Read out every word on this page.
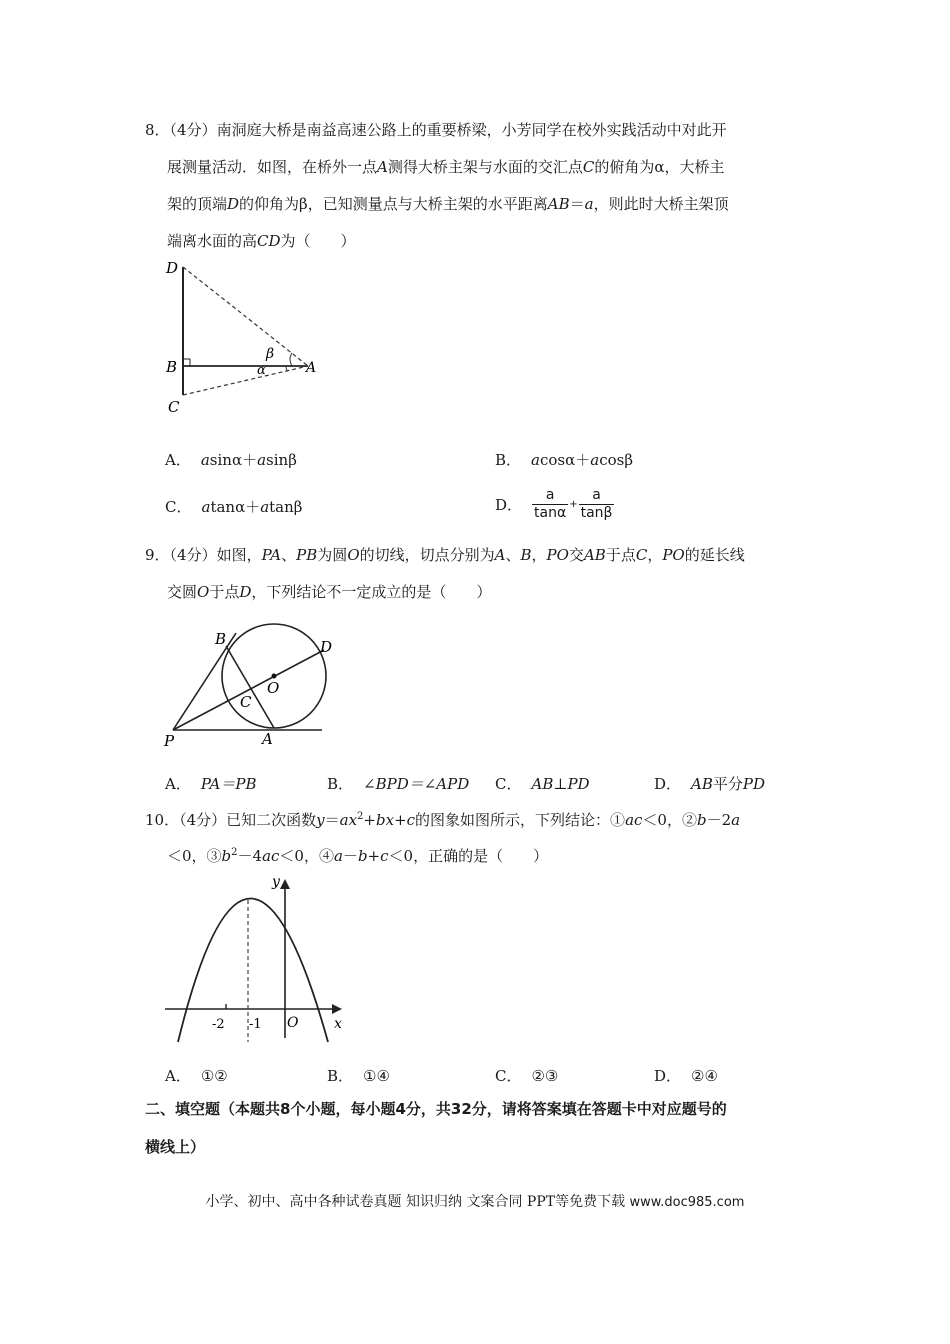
8．（4分）南洞庭大桥是南益高速公路上的重要桥梁，小芳同学在校外实践活动中对此开
展测量活动．如图，在桥外一点A测得大桥主架与水面的交汇点C的俯角为α，大桥主
架的顶端D的仰角为β，已知测量点与大桥主架的水平距离AB＝a，则此时大桥主架顶
端离水面的高CD为（　　）
D
B
C
A
β
α
A． asinα＋asinβ	B． acosα＋acosβ
C． atanα＋atanβ	D． $\frac{a}{\tan\alpha} + \frac{a}{\tan\beta}$
9．（4分）如图，PA、PB为圆O的切线，切点分别为A、B，PO交AB于点C，PO的延长线
交圆O于点D，下列结论不一定成立的是（　　）
B	D
O
C
P	A
A． PA＝PB	B． ∠BPD＝∠APD C． AB⊥PD	D． AB平分PD
10．（4分）已知二次函数$y=ax^2+bx+c$的图象如图所示，下列结论：①ac＜0，②b－2a
＜0，$③b^2-4ac<0$，④a－b+c＜0，正确的是（　　）
y
x
O
-2 -1
A． ①②	B． ①④	C． ②③	D． ②④
二、填空题（本题共8个小题，每小题4分，共32分，请将答案填在答题卡中对应题号的
横线上）
小学、初中、高中各种试卷真题 知识归纳 文案合同 PPT等免费下载 www.doc985.com
